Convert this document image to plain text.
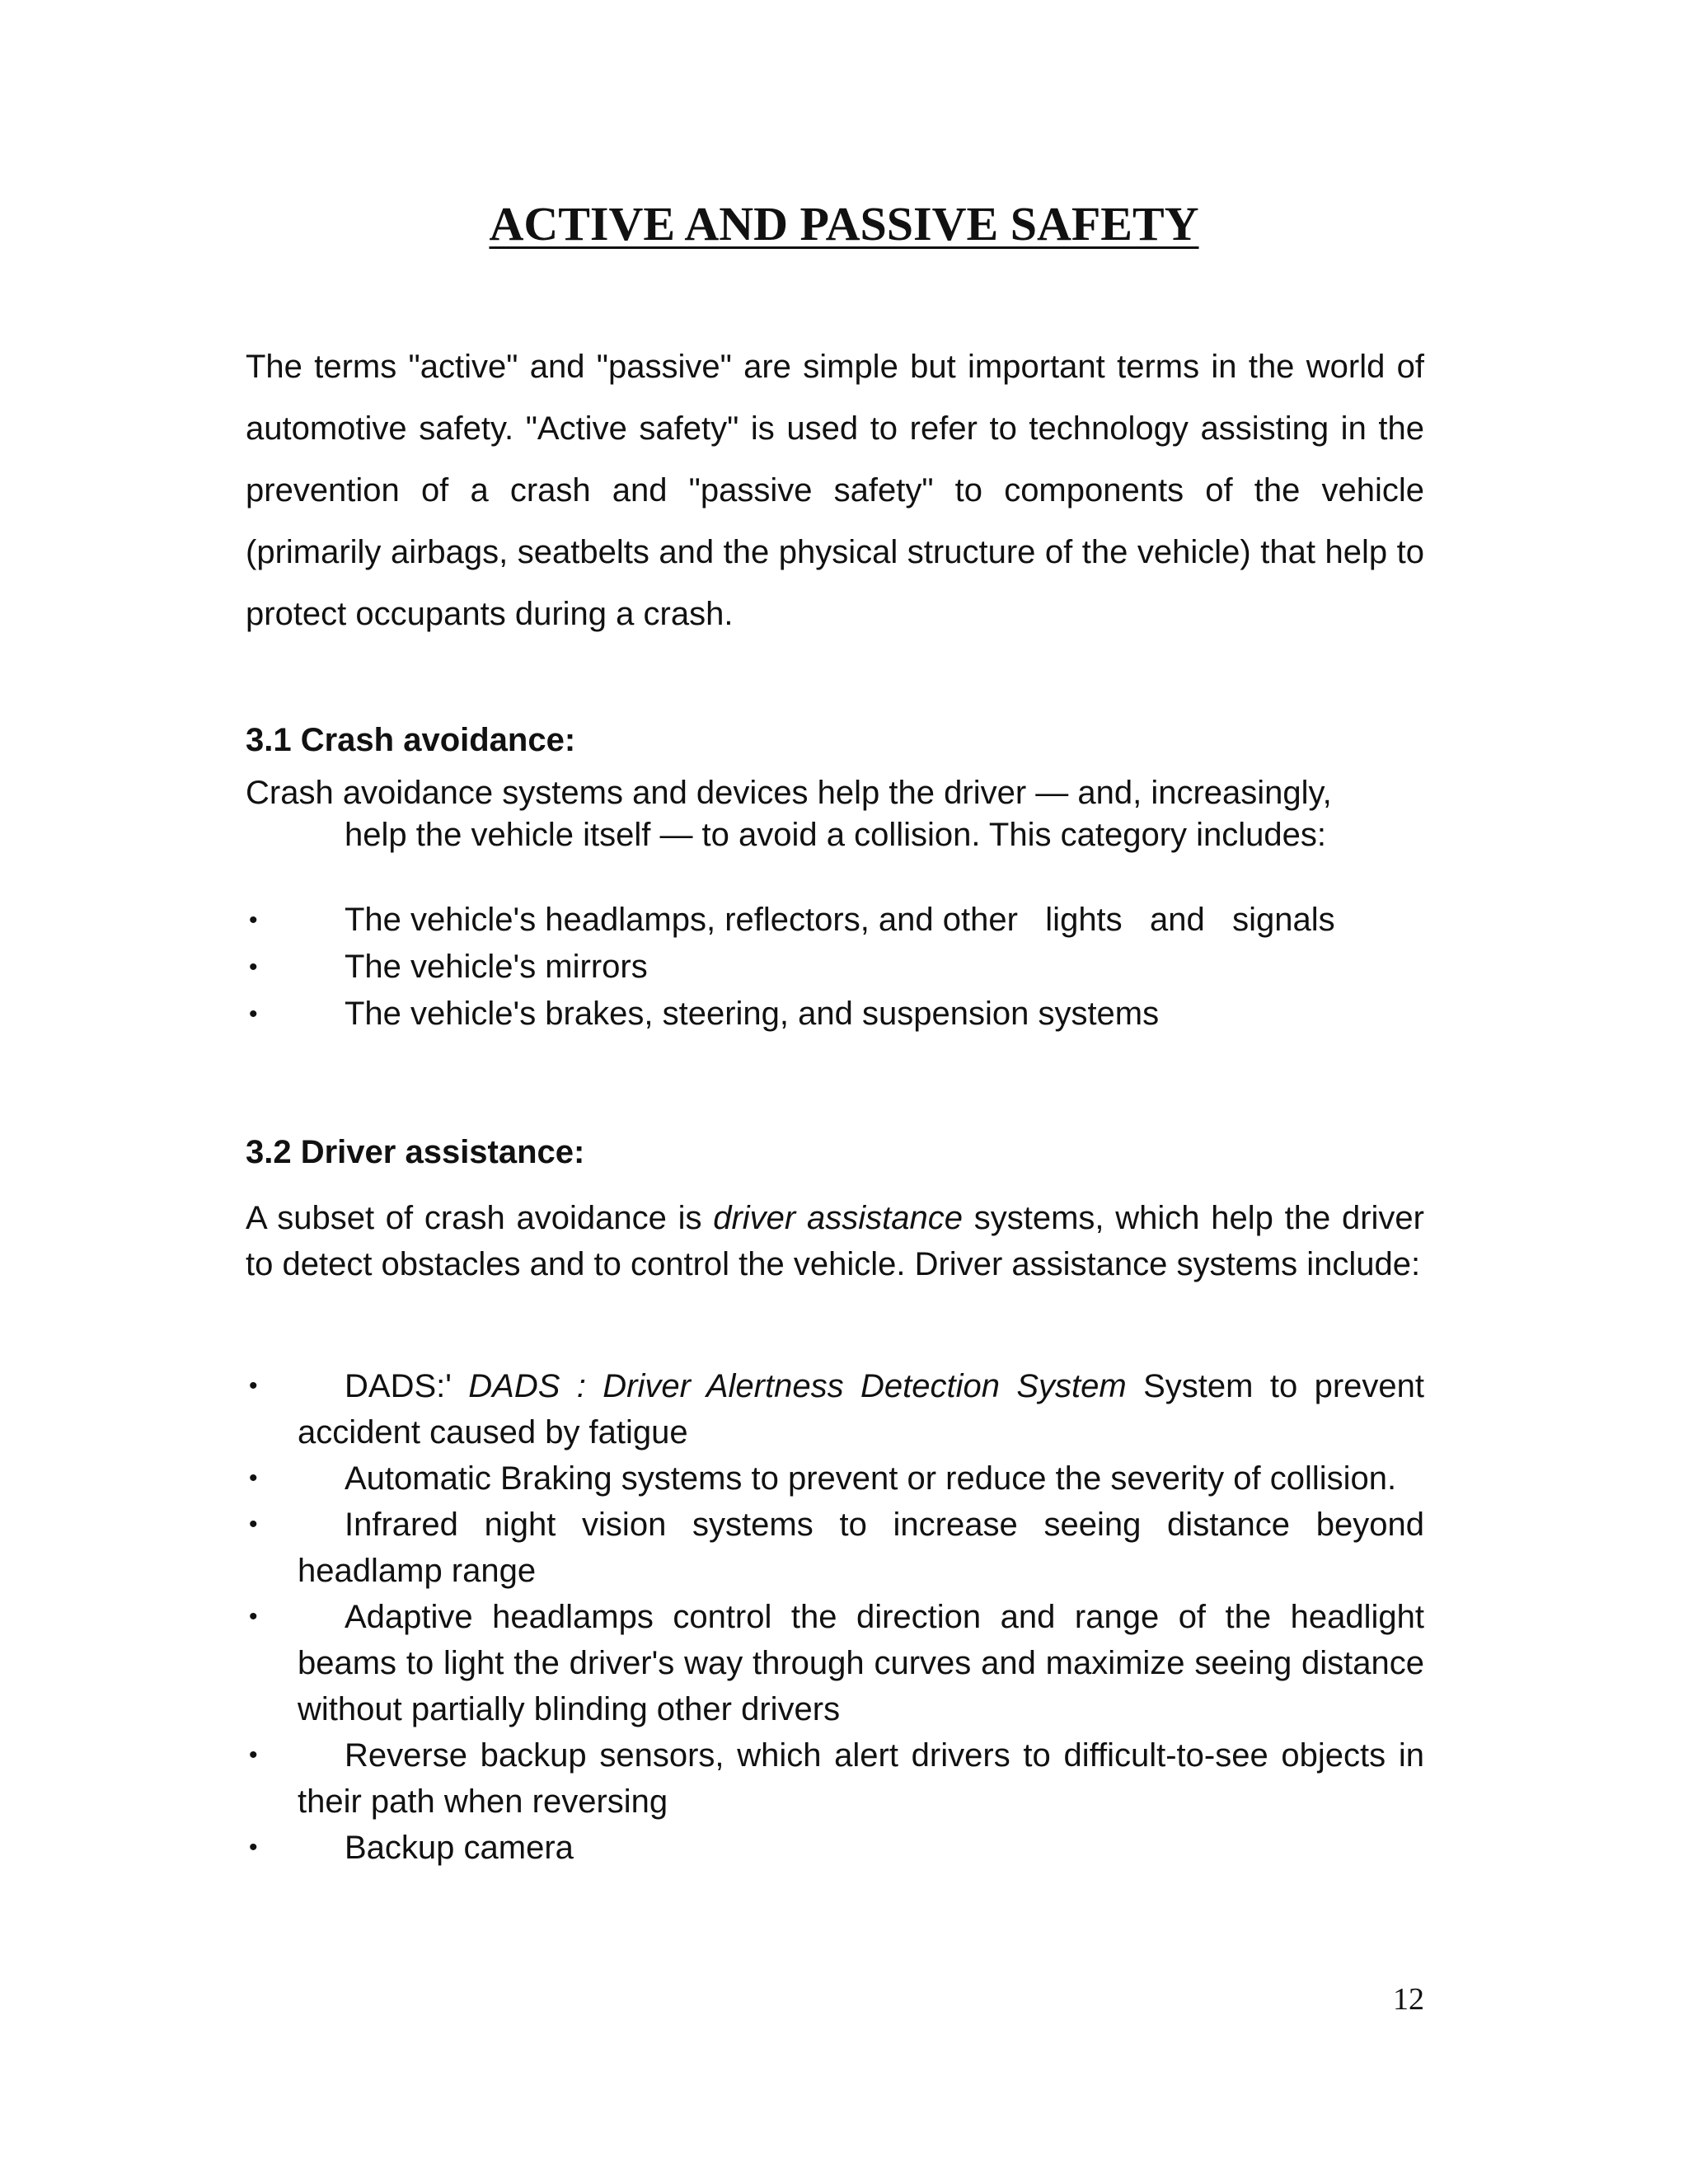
ACTIVE AND PASSIVE SAFETY

The terms "active" and "passive" are simple but important terms in the world of automotive safety. "Active safety" is used to refer to technology assisting in the prevention of a crash and "passive safety" to components of the vehicle (primarily airbags, seatbelts and the physical structure of the vehicle) that help to protect occupants during a crash.

3.1 Crash avoidance:

Crash avoidance systems and devices help the driver — and, increasingly,
help the vehicle itself — to avoid a collision. This category includes:

•	The vehicle's headlamps, reflectors, and other   lights   and   signals
•	The vehicle's mirrors
•	The vehicle's brakes, steering, and suspension systems
3.2 Driver assistance:

A subset of crash avoidance is driver assistance systems, which help the driver to detect obstacles and to control the vehicle. Driver assistance systems include:

•	DADS:' DADS : Driver Alertness Detection System System to prevent accident caused by fatigue
•	Automatic Braking systems to prevent or reduce the severity of collision.
•	Infrared night vision systems to increase seeing distance beyond headlamp range
•	Adaptive headlamps control the direction and range of the headlight beams to light the driver's way through curves and maximize seeing distance without partially blinding other drivers
•	Reverse backup sensors, which alert drivers to difficult-to-see objects in their path when reversing
•	Backup camera

12
